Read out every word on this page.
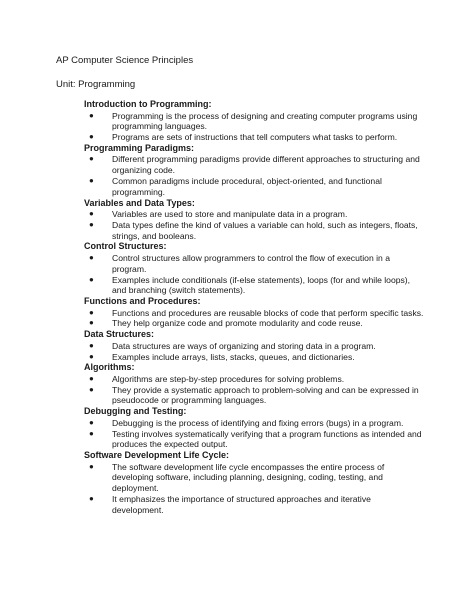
AP Computer Science Principles
Unit: Programming
Introduction to Programming:
● Programming is the process of designing and creating computer programs using programming languages.
● Programs are sets of instructions that tell computers what tasks to perform.
Programming Paradigms:
● Different programming paradigms provide different approaches to structuring and organizing code.
● Common paradigms include procedural, object-oriented, and functional programming.
Variables and Data Types:
● Variables are used to store and manipulate data in a program.
● Data types define the kind of values a variable can hold, such as integers, floats, strings, and booleans.
Control Structures:
● Control structures allow programmers to control the flow of execution in a program.
● Examples include conditionals (if-else statements), loops (for and while loops), and branching (switch statements).
Functions and Procedures:
● Functions and procedures are reusable blocks of code that perform specific tasks.
● They help organize code and promote modularity and code reuse.
Data Structures:
● Data structures are ways of organizing and storing data in a program.
● Examples include arrays, lists, stacks, queues, and dictionaries.
Algorithms:
● Algorithms are step-by-step procedures for solving problems.
● They provide a systematic approach to problem-solving and can be expressed in pseudocode or programming languages.
Debugging and Testing:
● Debugging is the process of identifying and fixing errors (bugs) in a program.
● Testing involves systematically verifying that a program functions as intended and produces the expected output.
Software Development Life Cycle:
● The software development life cycle encompasses the entire process of developing software, including planning, designing, coding, testing, and deployment.
● It emphasizes the importance of structured approaches and iterative development.
